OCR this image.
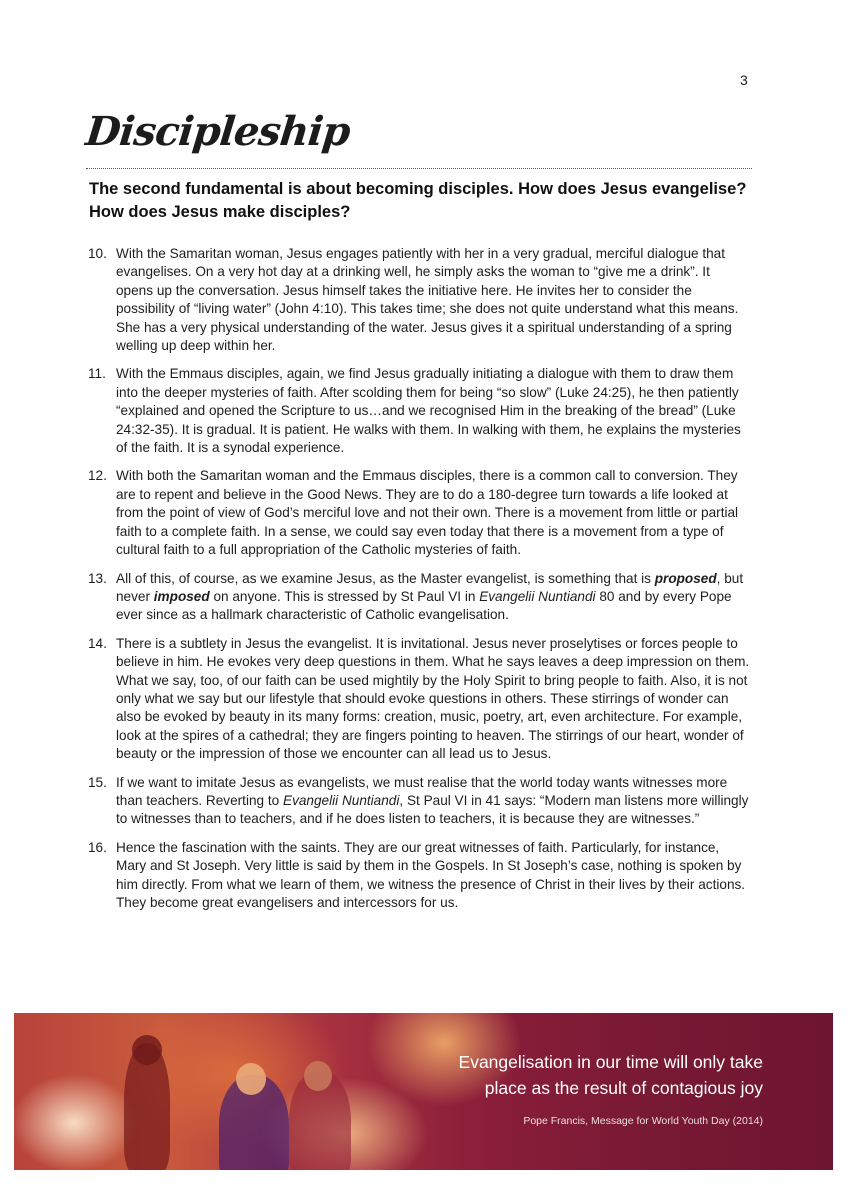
3
Discipleship
The second fundamental is about becoming disciples. How does Jesus evangelise? How does Jesus make disciples?
10. With the Samaritan woman, Jesus engages patiently with her in a very gradual, merciful dialogue that evangelises. On a very hot day at a drinking well, he simply asks the woman to “give me a drink”. It opens up the conversation. Jesus himself takes the initiative here. He invites her to consider the possibility of “living water” (John 4:10). This takes time; she does not quite understand what this means. She has a very physical understanding of the water. Jesus gives it a spiritual understanding of a spring welling up deep within her.
11. With the Emmaus disciples, again, we find Jesus gradually initiating a dialogue with them to draw them into the deeper mysteries of faith. After scolding them for being “so slow” (Luke 24:25), he then patiently “explained and opened the Scripture to us…and we recognised Him in the breaking of the bread” (Luke 24:32-35). It is gradual. It is patient. He walks with them. In walking with them, he explains the mysteries of the faith. It is a synodal experience.
12. With both the Samaritan woman and the Emmaus disciples, there is a common call to conversion. They are to repent and believe in the Good News. They are to do a 180-degree turn towards a life looked at from the point of view of God’s merciful love and not their own. There is a movement from little or partial faith to a complete faith. In a sense, we could say even today that there is a movement from a type of cultural faith to a full appropriation of the Catholic mysteries of faith.
13. All of this, of course, as we examine Jesus, as the Master evangelist, is something that is proposed, but never imposed on anyone. This is stressed by St Paul VI in Evangelii Nuntiandi 80 and by every Pope ever since as a hallmark characteristic of Catholic evangelisation.
14. There is a subtlety in Jesus the evangelist. It is invitational. Jesus never proselytises or forces people to believe in him. He evokes very deep questions in them. What he says leaves a deep impression on them. What we say, too, of our faith can be used mightily by the Holy Spirit to bring people to faith. Also, it is not only what we say but our lifestyle that should evoke questions in others. These stirrings of wonder can also be evoked by beauty in its many forms: creation, music, poetry, art, even architecture. For example, look at the spires of a cathedral; they are fingers pointing to heaven. The stirrings of our heart, wonder of beauty or the impression of those we encounter can all lead us to Jesus.
15. If we want to imitate Jesus as evangelists, we must realise that the world today wants witnesses more than teachers. Reverting to Evangelii Nuntiandi, St Paul VI in 41 says: “Modern man listens more willingly to witnesses than to teachers, and if he does listen to teachers, it is because they are witnesses.”
16. Hence the fascination with the saints. They are our great witnesses of faith. Particularly, for instance, Mary and St Joseph. Very little is said by them in the Gospels. In St Joseph’s case, nothing is spoken by him directly. From what we learn of them, we witness the presence of Christ in their lives by their actions. They become great evangelisers and intercessors for us.
Evangelisation in our time will only take
place as the result of contagious joy
Pope Francis, Message for World Youth Day (2014)
